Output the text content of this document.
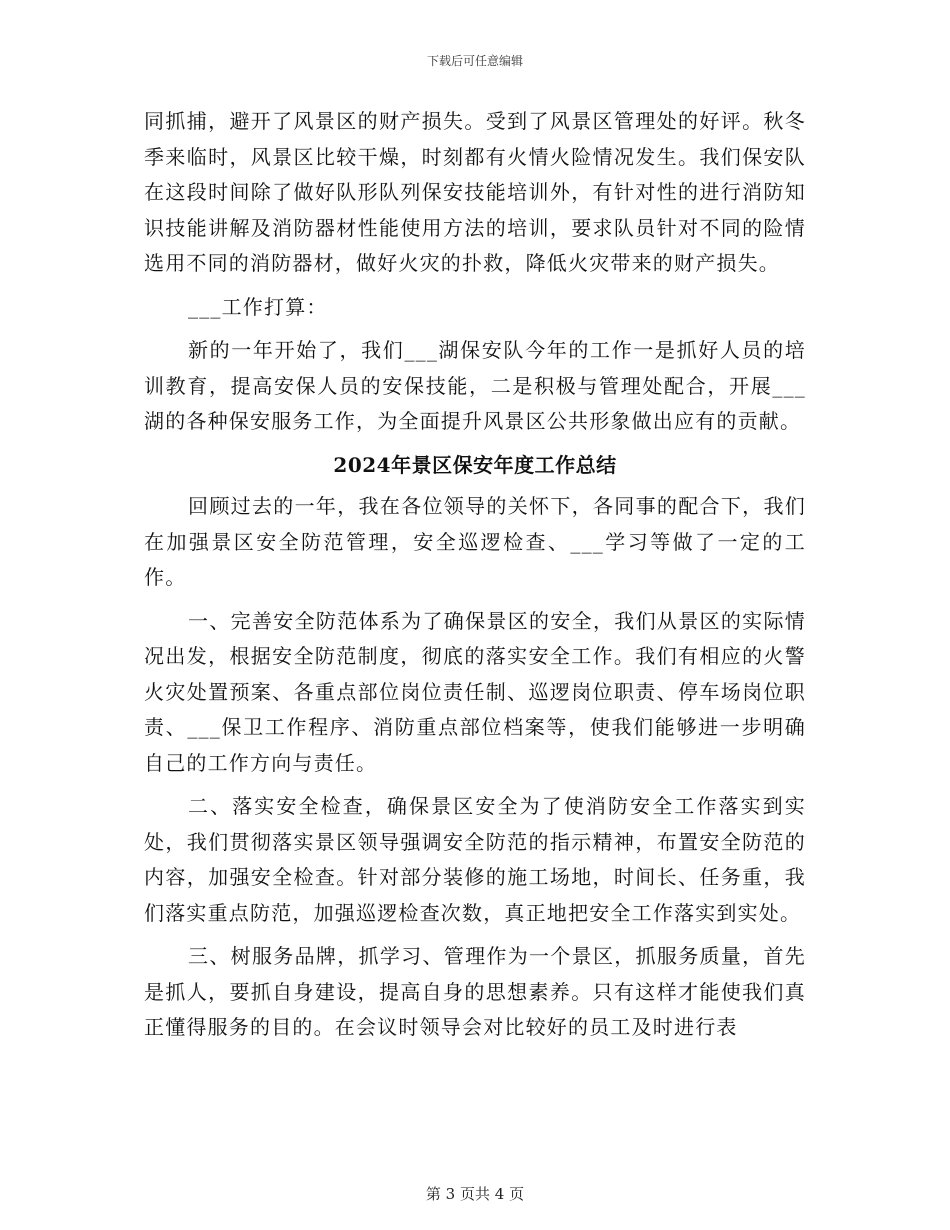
下载后可任意编辑

同抓捕，避开了风景区的财产损失。受到了风景区管理处的好评。秋冬季来临时，风景区比较干燥，时刻都有火情火险情况发生。我们保安队在这段时间除了做好队形队列保安技能培训外，有针对性的进行消防知识技能讲解及消防器材性能使用方法的培训，要求队员针对不同的险情选用不同的消防器材，做好火灾的扑救，降低火灾带来的财产损失。

___工作打算：

新的一年开始了，我们___湖保安队今年的工作一是抓好人员的培训教育，提高安保人员的安保技能，二是积极与管理处配合，开展___湖的各种保安服务工作，为全面提升风景区公共形象做出应有的贡献。

2024年景区保安年度工作总结

回顾过去的一年，我在各位领导的关怀下，各同事的配合下，我们在加强景区安全防范管理，安全巡逻检查、___学习等做了一定的工作。

一、完善安全防范体系为了确保景区的安全，我们从景区的实际情况出发，根据安全防范制度，彻底的落实安全工作。我们有相应的火警火灾处置预案、各重点部位岗位责任制、巡逻岗位职责、停车场岗位职责、___保卫工作程序、消防重点部位档案等，使我们能够进一步明确自己的工作方向与责任。

二、落实安全检查，确保景区安全为了使消防安全工作落实到实处，我们贯彻落实景区领导强调安全防范的指示精神，布置安全防范的内容，加强安全检查。针对部分装修的施工场地，时间长、任务重，我们落实重点防范，加强巡逻检查次数，真正地把安全工作落实到实处。

三、树服务品牌，抓学习、管理作为一个景区，抓服务质量，首先是抓人，要抓自身建设，提高自身的思想素养。只有这样才能使我们真正懂得服务的目的。在会议时领导会对比较好的员工及时进行表

第 3 页共 4 页
